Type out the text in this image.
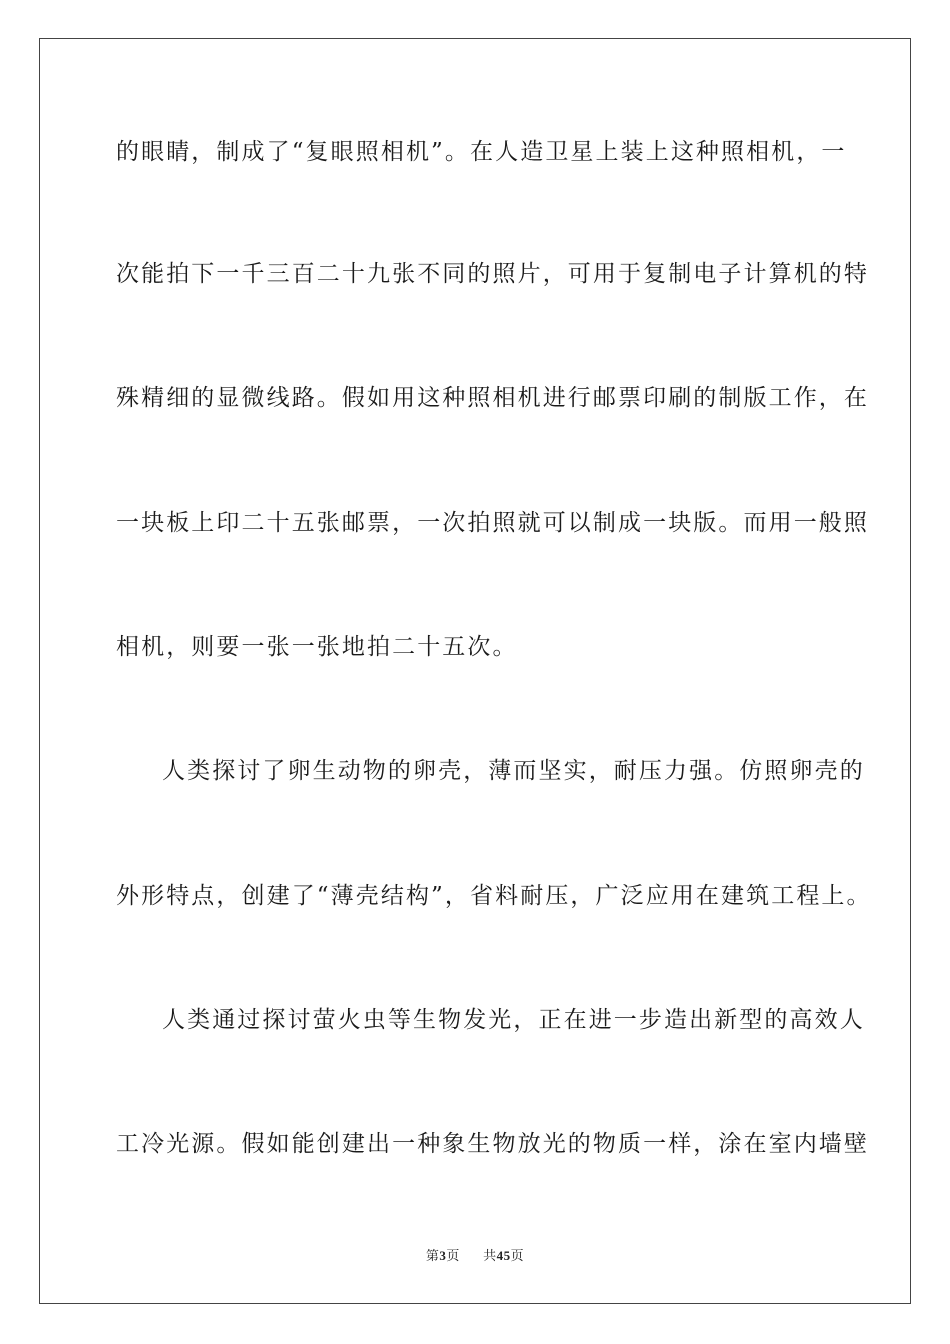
的眼睛，制成了“复眼照相机”。在人造卫星上装上这种照相机，一
次能拍下一千三百二十九张不同的照片，可用于复制电子计算机的特
殊精细的显微线路。假如用这种照相机进行邮票印刷的制版工作，在
一块板上印二十五张邮票，一次拍照就可以制成一块版。而用一般照
相机，则要一张一张地拍二十五次。
人类探讨了卵生动物的卵壳，薄而坚实，耐压力强。仿照卵壳的
外形特点，创建了“薄壳结构”，省料耐压，广泛应用在建筑工程上。
人类通过探讨萤火虫等生物发光，正在进一步造出新型的高效人
工冷光源。假如能创建出一种象生物放光的物质一样，涂在室内墙壁
第3页 共45页
